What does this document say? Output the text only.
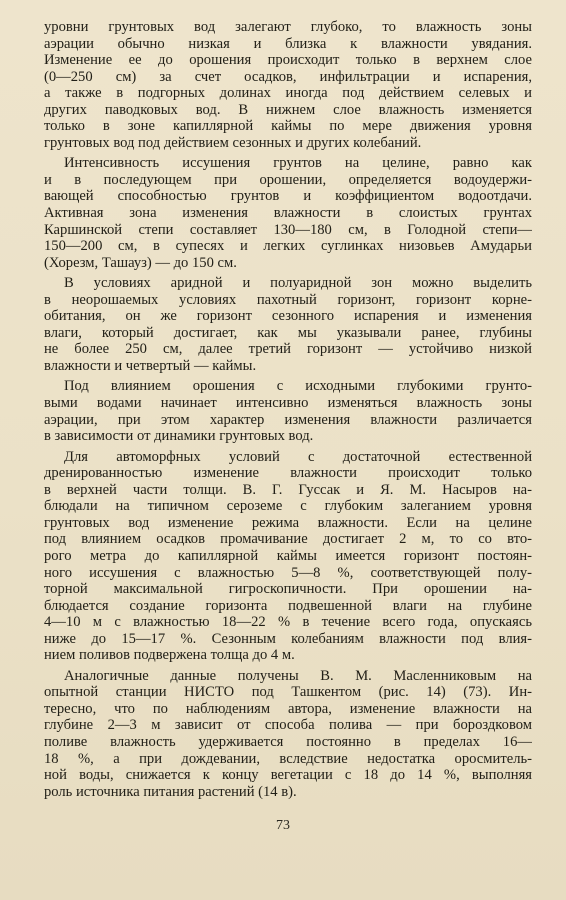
уровни грунтовых вод залегают глубоко, то влажность зоны
аэрации обычно низкая и близка к влажности увядания.
Изменение ее до орошения происходит только в верхнем слое
(0—250 см) за счет осадков, инфильтрации и испарения,
а также в подгорных долинах иногда под действием селевых и
других паводковых вод. В нижнем слое влажность изменяется
только в зоне капиллярной каймы по мере движения уровня
грунтовых вод под действием сезонных и других колебаний.
Интенсивность иссушения грунтов на целине, равно как
и в последующем при орошении, определяется водоудержи-
вающей способностью грунтов и коэффициентом водоотдачи.
Активная зона изменения влажности в слоистых грунтах
Каршинской степи составляет 130—180 см, в Голодной степи—
150—200 см, в супесях и легких суглинках низовьев Амударьи
(Хорезм, Ташауз) — до 150 см.
В условиях аридной и полуаридной зон можно выделить
в неорошаемых условиях пахотный горизонт, горизонт корне-
обитания, он же горизонт сезонного испарения и изменения
влаги, который достигает, как мы указывали ранее, глубины
не более 250 см, далее третий горизонт — устойчиво низкой
влажности и четвертый — каймы.
Под влиянием орошения с исходными глубокими грунто-
выми водами начинает интенсивно изменяться влажность зоны
аэрации, при этом характер изменения влажности различается
в зависимости от динамики грунтовых вод.
Для автоморфных условий с достаточной естественной
дренированностью изменение влажности происходит только
в верхней части толщи. В. Г. Гуссак и Я. М. Насыров на-
блюдали на типичном сероземе с глубоким залеганием уровня
грунтовых вод изменение режима влажности. Если на целине
под влиянием осадков промачивание достигает 2 м, то со вто-
рого метра до капиллярной каймы имеется горизонт постоян-
ного иссушения с влажностью 5—8 %, соответствующей полу-
торной максимальной гигроскопичности. При орошении на-
блюдается создание горизонта подвешенной влаги на глубине
4—10 м с влажностью 18—22 % в течение всего года, опускаясь
ниже до 15—17 %. Сезонным колебаниям влажности под влия-
нием поливов подвержена толща до 4 м.
Аналогичные данные получены В. М. Масленниковым на
опытной станции НИСТО под Ташкентом (рис. 14) (73). Ин-
тересно, что по наблюдениям автора, изменение влажности на
глубине 2—3 м зависит от способа полива — при бороздковом
поливе влажность удерживается постоянно в пределах 16—
18 %, а при дождевании, вследствие недостатка оросмитель-
ной воды, снижается к концу вегетации с 18 до 14 %, выполняя
роль источника питания растений (14 в).
73
